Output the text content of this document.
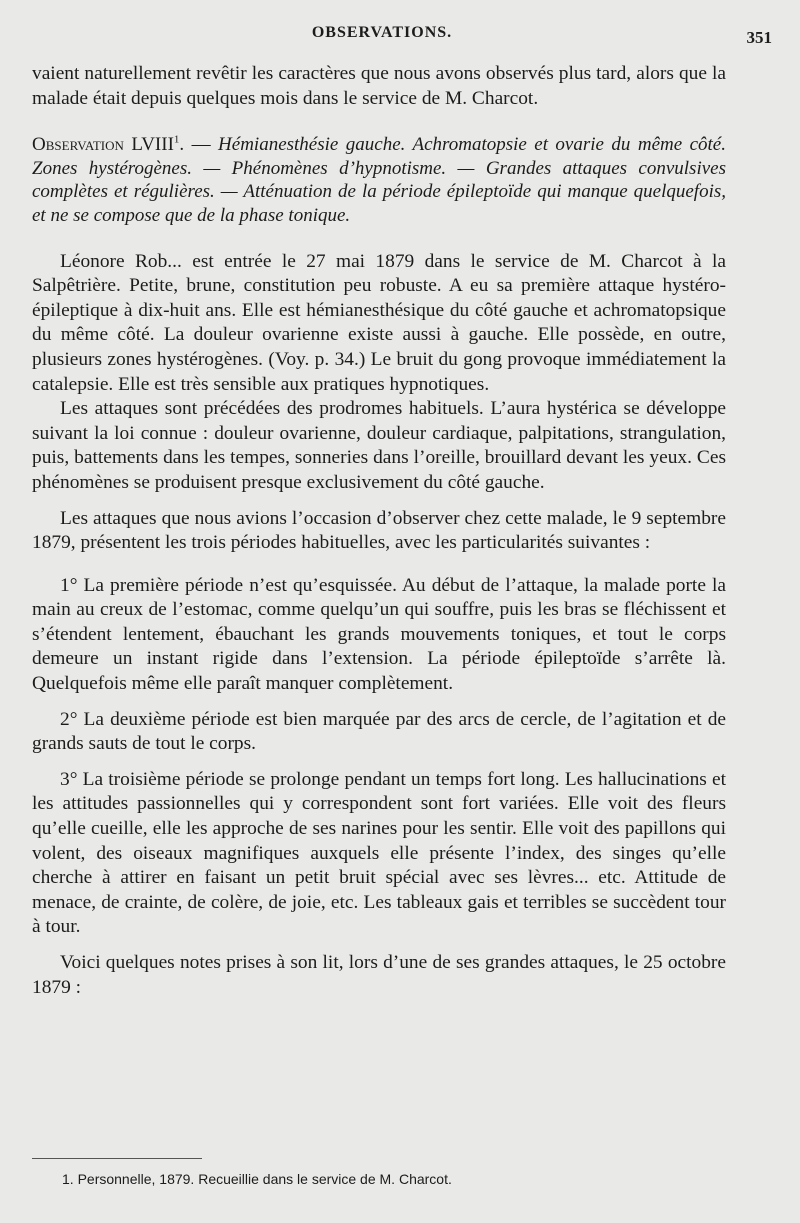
OBSERVATIONS.	351

vaient naturellement revêtir les caractères que nous avons observés plus tard, alors que la malade était depuis quelques mois dans le service de M. Charcot.

Observation LVIII$^1$. — Hémianesthésie gauche. Achromatopsie et ovarie du même côté. Zones hystérogènes. — Phénomènes d’hypnotisme. — Grandes attaques convulsives complètes et régulières. — Atténuation de la période épileptoïde qui manque quelquefois, et ne se compose que de la phase tonique.

Léonore Rob... est entrée le 27 mai 1879 dans le service de M. Charcot à la Salpêtrière. Petite, brune, constitution peu robuste. A eu sa première attaque hystéro-épileptique à dix-huit ans. Elle est hémianesthésique du côté gauche et achromatopsique du même côté. La douleur ovarienne existe aussi à gauche. Elle possède, en outre, plusieurs zones hystérogènes. (Voy. p. 34.) Le bruit du gong provoque immédiatement la catalepsie. Elle est très sensible aux pratiques hypnotiques.

Les attaques sont précédées des prodromes habituels. L’aura hystérica se développe suivant la loi connue : douleur ovarienne, douleur cardiaque, palpitations, strangulation, puis, battements dans les tempes, sonneries dans l’oreille, brouillard devant les yeux. Ces phénomènes se produisent presque exclusivement du côté gauche.

Les attaques que nous avions l’occasion d’observer chez cette malade, le 9 septembre 1879, présentent les trois périodes habituelles, avec les particularités suivantes :

1° La première période n’est qu’esquissée. Au début de l’attaque, la malade porte la main au creux de l’estomac, comme quelqu’un qui souffre, puis les bras se fléchissent et s’étendent lentement, ébauchant les grands mouvements toniques, et tout le corps demeure un instant rigide dans l’extension. La période épileptoïde s’arrête là. Quelquefois même elle paraît manquer complètement.

2° La deuxième période est bien marquée par des arcs de cercle, de l’agitation et de grands sauts de tout le corps.

3° La troisième période se prolonge pendant un temps fort long. Les hallucinations et les attitudes passionnelles qui y correspondent sont fort variées. Elle voit des fleurs qu’elle cueille, elle les approche de ses narines pour les sentir. Elle voit des papillons qui volent, des oiseaux magnifiques auxquels elle présente l’index, des singes qu’elle cherche à attirer en faisant un petit bruit spécial avec ses lèvres... etc. Attitude de menace, de crainte, de colère, de joie, etc. Les tableaux gais et terribles se succèdent tour à tour.

Voici quelques notes prises à son lit, lors d’une de ses grandes attaques, le 25 octobre 1879 :

1. Personnelle, 1879. Recueillie dans le service de M. Charcot.
